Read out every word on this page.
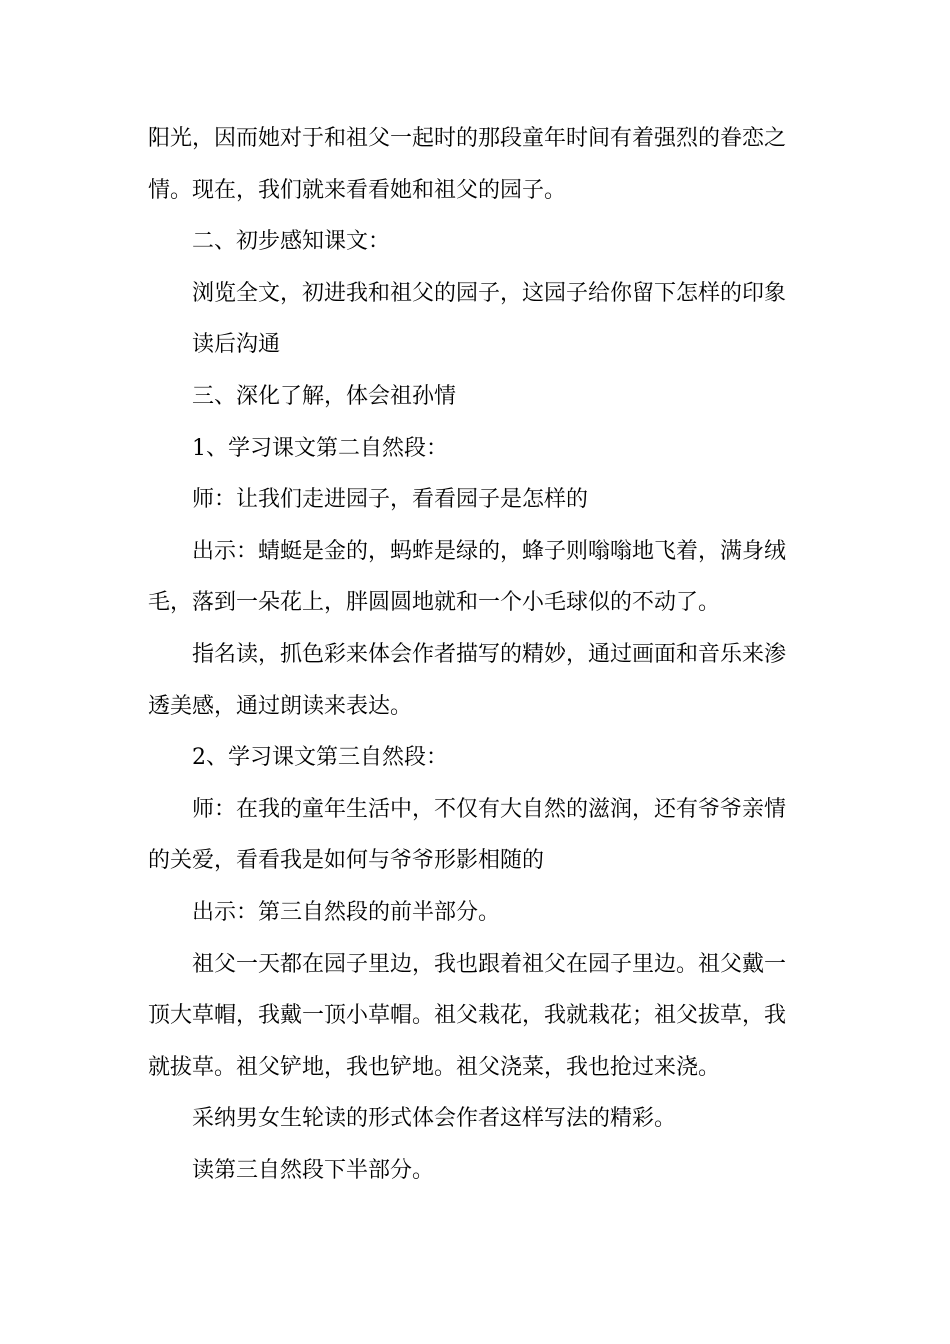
阳光，因而她对于和祖父一起时的那段童年时间有着强烈的眷恋之
情。现在，我们就来看看她和祖父的园子。
二、初步感知课文：
浏览全文，初进我和祖父的园子，这园子给你留下怎样的印象
读后沟通
三、深化了解，体会祖孙情
1、学习课文第二自然段：
师：让我们走进园子，看看园子是怎样的
出示：蜻蜓是金的，蚂蚱是绿的，蜂子则嗡嗡地飞着，满身绒
毛，落到一朵花上，胖圆圆地就和一个小毛球似的不动了。
指名读，抓色彩来体会作者描写的精妙，通过画面和音乐来渗
透美感，通过朗读来表达。
2、学习课文第三自然段：
师：在我的童年生活中，不仅有大自然的滋润，还有爷爷亲情
的关爱，看看我是如何与爷爷形影相随的
出示：第三自然段的前半部分。
祖父一天都在园子里边，我也跟着祖父在园子里边。祖父戴一
顶大草帽，我戴一顶小草帽。祖父栽花，我就栽花；祖父拔草，我
就拔草。祖父铲地，我也铲地。祖父浇菜，我也抢过来浇。
采纳男女生轮读的形式体会作者这样写法的精彩。
读第三自然段下半部分。
